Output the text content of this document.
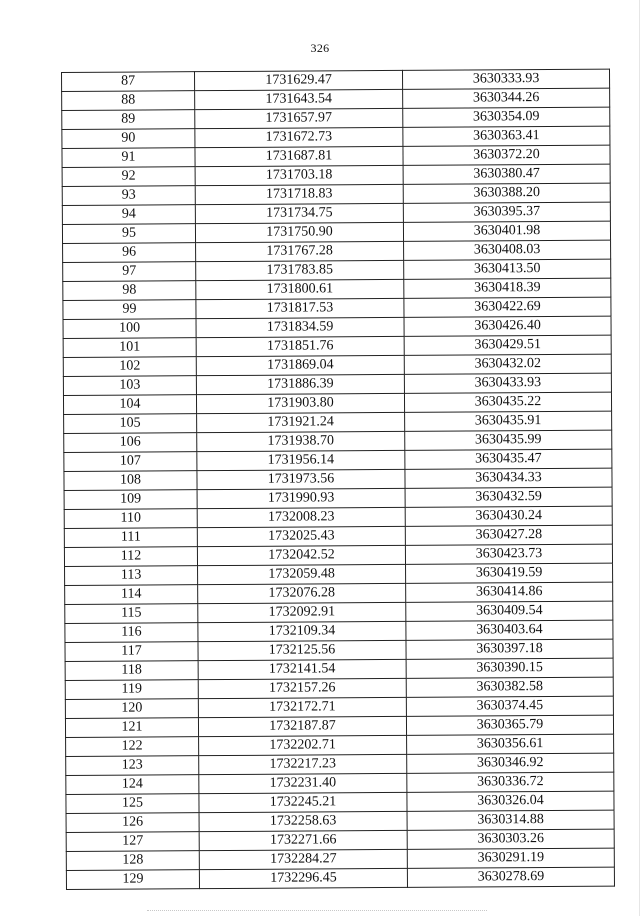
326
87	1731629.47	3630333.93
88	1731643.54	3630344.26
89	1731657.97	3630354.09
90	1731672.73	3630363.41
91	1731687.81	3630372.20
92	1731703.18	3630380.47
93	1731718.83	3630388.20
94	1731734.75	3630395.37
95	1731750.90	3630401.98
96	1731767.28	3630408.03
97	1731783.85	3630413.50
98	1731800.61	3630418.39
99	1731817.53	3630422.69
100	1731834.59	3630426.40
101	1731851.76	3630429.51
102	1731869.04	3630432.02
103	1731886.39	3630433.93
104	1731903.80	3630435.22
105	1731921.24	3630435.91
106	1731938.70	3630435.99
107	1731956.14	3630435.47
108	1731973.56	3630434.33
109	1731990.93	3630432.59
110	1732008.23	3630430.24
111	1732025.43	3630427.28
112	1732042.52	3630423.73
113	1732059.48	3630419.59
114	1732076.28	3630414.86
115	1732092.91	3630409.54
116	1732109.34	3630403.64
117	1732125.56	3630397.18
118	1732141.54	3630390.15
119	1732157.26	3630382.58
120	1732172.71	3630374.45
121	1732187.87	3630365.79
122	1732202.71	3630356.61
123	1732217.23	3630346.92
124	1732231.40	3630336.72
125	1732245.21	3630326.04
126	1732258.63	3630314.88
127	1732271.66	3630303.26
128	1732284.27	3630291.19
129	1732296.45	3630278.69
